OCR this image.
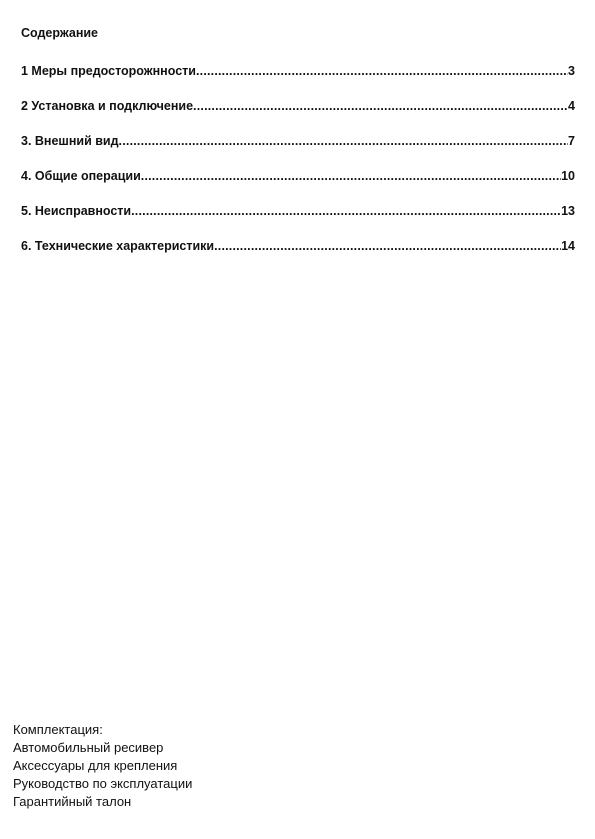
Содержание
1 Меры предосторожнности .....	3
2 Установка и подключение .....	4
3. Внешний вид .....	7
4. Общие операции .....	10
5. Неисправности .....	13
6. Технические характеристики .....	14
Комплектация:
Автомобильный ресивер
Аксессуары для крепления
Руководство по эксплуатации
Гарантийный талон
